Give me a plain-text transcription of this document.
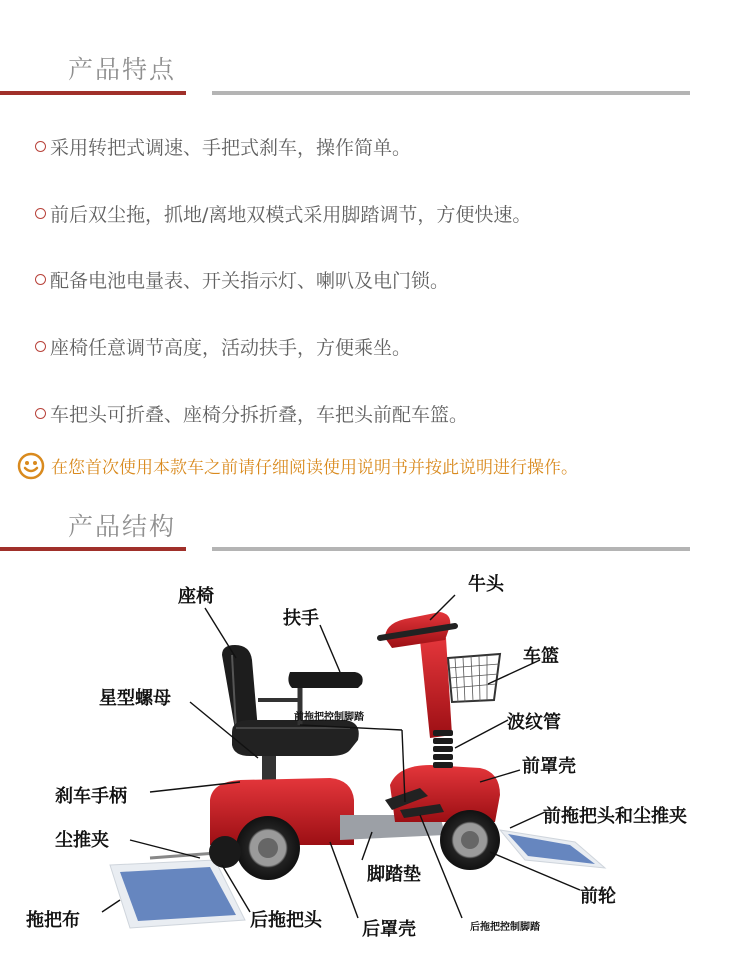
产品特点
采用转把式调速、手把式刹车，操作简单。
前后双尘拖，抓地/离地双模式采用脚踏调节，方便快速。
配备电池电量表、开关指示灯、喇叭及电门锁。
座椅任意调节高度，活动扶手，方便乘坐。
车把头可折叠、座椅分拆折叠，车把头前配车篮。
在您首次使用本款车之前请仔细阅读使用说明书并按此说明进行操作。
产品结构
座椅
扶手
牛头
车篮
星型螺母
前拖把控制脚踏	波纹管
前罩壳
刹车手柄
前拖把头和尘推夹
尘推夹
脚踏垫
前轮
拖把布	后拖把头 后罩壳	后拖把控制脚踏
